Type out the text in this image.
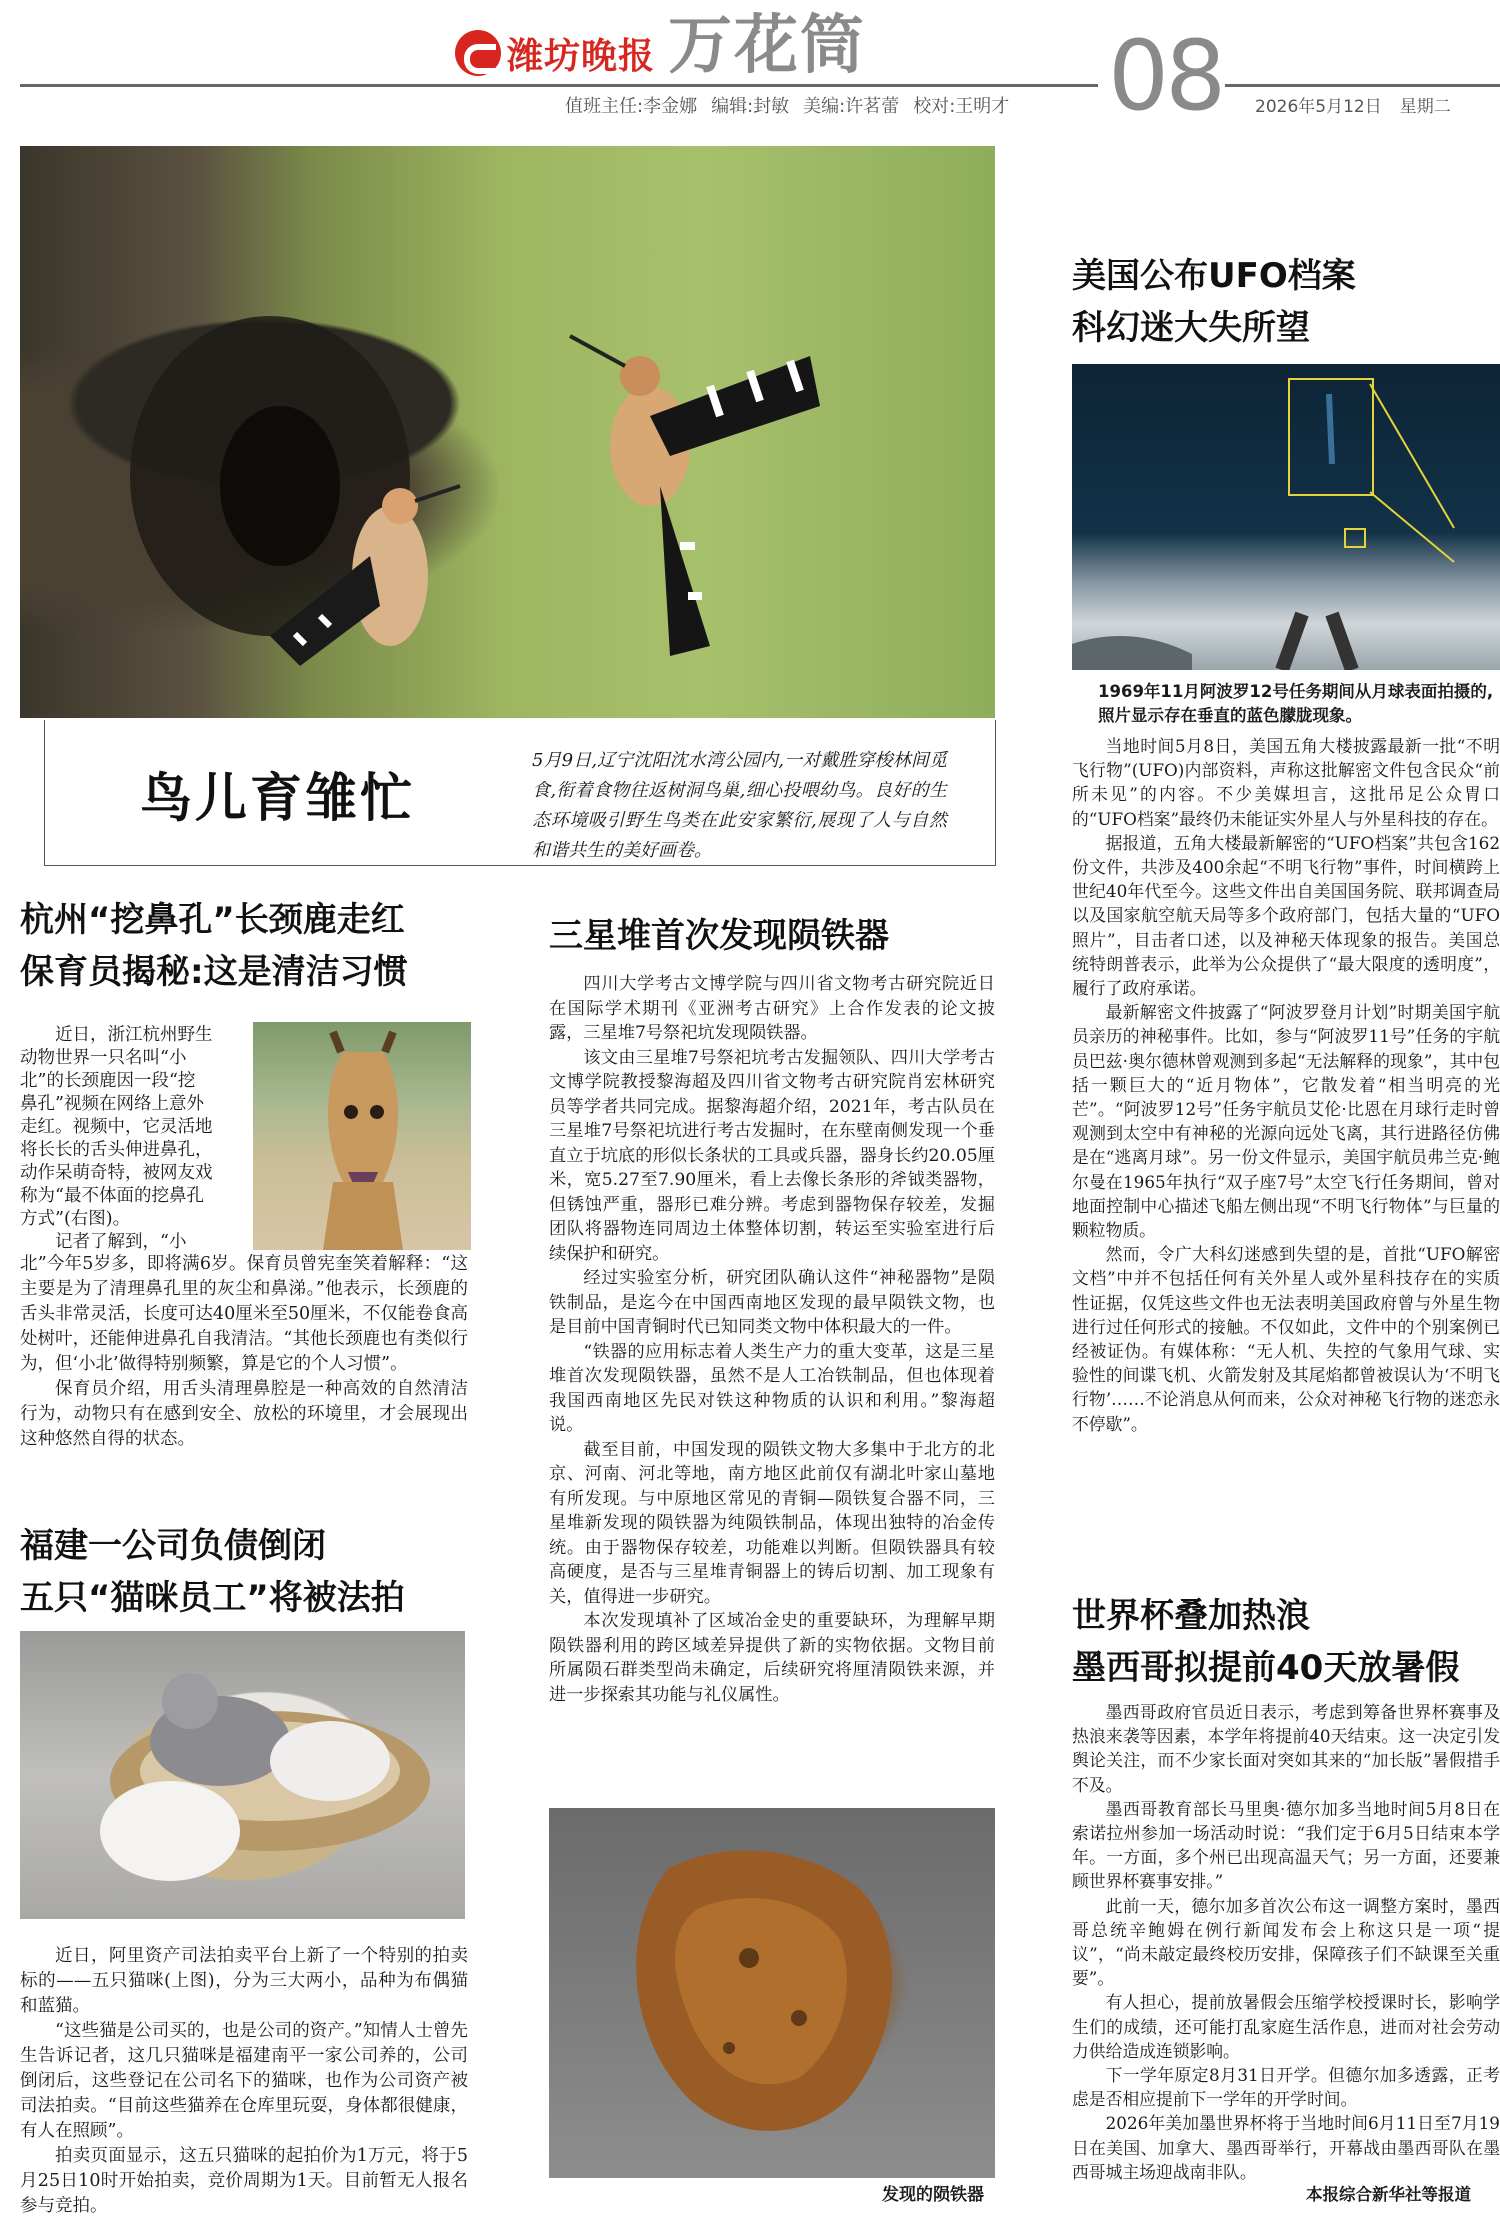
潍坊晚报 万花筒	08
值班主任:李金娜 编辑:封敏 美编:许茗蕾 校对:王明才	2026年5月12日 星期二
鸟儿育雏忙
5月9日,辽宁沈阳沈水湾公园内,一对戴胜穿梭林间觅食,衔着食物往返树洞鸟巢,细心投喂幼鸟。良好的生态环境吸引野生鸟类在此安家繁衍,展现了人与自然和谐共生的美好画卷。
杭州“挖鼻孔”长颈鹿走红
保育员揭秘:这是清洁习惯
近日，浙江杭州野生
动物世界一只名叫“小
北”的长颈鹿因一段“挖
鼻孔”视频在网络上意外
走红。视频中，它灵活地
将长长的舌头伸进鼻孔，
动作呆萌奇特，被网友戏
称为“最不体面的挖鼻孔
方式”(右图)。
记者了解到，“小

北”今年5岁多，即将满6岁。保育员曾宪奎笑着解释：“这主要是为了清理鼻孔里的灰尘和鼻涕。”他表示，长颈鹿的舌头非常灵活，长度可达40厘米至50厘米，不仅能卷食高处树叶，还能伸进鼻孔自我清洁。“其他长颈鹿也有类似行为，但‘小北’做得特别频繁，算是它的个人习惯”。

保育员介绍，用舌头清理鼻腔是一种高效的自然清洁行为，动物只有在感到安全、放松的环境里，才会展现出这种悠然自得的状态。

福建一公司负债倒闭
五只“猫咪员工”将被法拍

近日，阿里资产司法拍卖平台上新了一个特别的拍卖标的——五只猫咪(上图)，分为三大两小，品种为布偶猫和蓝猫。

“这些猫是公司买的，也是公司的资产。”知情人士曾先生告诉记者，这几只猫咪是福建南平一家公司养的，公司倒闭后，这些登记在公司名下的猫咪，也作为公司资产被司法拍卖。“目前这些猫养在仓库里玩耍，身体都很健康，有人在照顾”。

拍卖页面显示，这五只猫咪的起拍价为1万元，将于5月25日10时开始拍卖，竞价周期为1天。目前暂无人报名参与竞拍。

三星堆首次发现陨铁器

四川大学考古文博学院与四川省文物考古研究院近日在国际学术期刊《亚洲考古研究》上合作发表的论文披露，三星堆7号祭祀坑发现陨铁器。

该文由三星堆7号祭祀坑考古发掘领队、四川大学考古文博学院教授黎海超及四川省文物考古研究院肖宏林研究员等学者共同完成。据黎海超介绍，2021年，考古队员在三星堆7号祭祀坑进行考古发掘时，在东壁南侧发现一个垂直立于坑底的形似长条状的工具或兵器，器身长约20.05厘米，宽5.27至7.90厘米，看上去像长条形的斧钺类器物，但锈蚀严重，器形已难分辨。考虑到器物保存较差，发掘团队将器物连同周边土体整体切割，转运至实验室进行后续保护和研究。

经过实验室分析，研究团队确认这件“神秘器物”是陨铁制品，是迄今在中国西南地区发现的最早陨铁文物，也是目前中国青铜时代已知同类文物中体积最大的一件。

“铁器的应用标志着人类生产力的重大变革，这是三星堆首次发现陨铁器，虽然不是人工冶铁制品，但也体现着我国西南地区先民对铁这种物质的认识和利用。”黎海超说。

截至目前，中国发现的陨铁文物大多集中于北方的北京、河南、河北等地，南方地区此前仅有湖北叶家山墓地有所发现。与中原地区常见的青铜—陨铁复合器不同，三星堆新发现的陨铁器为纯陨铁制品，体现出独特的冶金传统。由于器物保存较差，功能难以判断。但陨铁器具有较高硬度，是否与三星堆青铜器上的铸后切割、加工现象有关，值得进一步研究。

本次发现填补了区域冶金史的重要缺环，为理解早期陨铁器利用的跨区域差异提供了新的实物依据。文物目前所属陨石群类型尚未确定，后续研究将厘清陨铁来源，并进一步探索其功能与礼仪属性。

发现的陨铁器
美国公布UFO档案
科幻迷大失所望
1969年11月阿波罗12号任务期间从月球表面拍摄的,照片显示存在垂直的蓝色朦胧现象。

当地时间5月8日，美国五角大楼披露最新一批“不明飞行物”(UFO)内部资料，声称这批解密文件包含民众“前所未见”的内容。不少美媒坦言，这批吊足公众胃口的“UFO档案”最终仍未能证实外星人与外星科技的存在。

据报道，五角大楼最新解密的“UFO档案”共包含162份文件，共涉及400余起“不明飞行物”事件，时间横跨上世纪40年代至今。这些文件出自美国国务院、联邦调查局以及国家航空航天局等多个政府部门，包括大量的“UFO照片”，目击者口述，以及神秘天体现象的报告。美国总统特朗普表示，此举为公众提供了“最大限度的透明度”，履行了政府承诺。

最新解密文件披露了“阿波罗登月计划”时期美国宇航员亲历的神秘事件。比如，参与“阿波罗11号”任务的宇航员巴兹·奥尔德林曾观测到多起“无法解释的现象”，其中包括一颗巨大的“近月物体”，它散发着“相当明亮的光芒”。“阿波罗12号”任务宇航员艾伦·比恩在月球行走时曾观测到太空中有神秘的光源向远处飞离，其行进路径仿佛是在“逃离月球”。另一份文件显示，美国宇航员弗兰克·鲍尔曼在1965年执行“双子座7号”太空飞行任务期间，曾对地面控制中心描述飞船左侧出现“不明飞行物体”与巨量的颗粒物质。

然而，令广大科幻迷感到失望的是，首批“UFO解密文档”中并不包括任何有关外星人或外星科技存在的实质性证据，仅凭这些文件也无法表明美国政府曾与外星生物进行过任何形式的接触。不仅如此，文件中的个别案例已经被证伪。有媒体称：“无人机、失控的气象用气球、实验性的间谍飞机、火箭发射及其尾焰都曾被误认为‘不明飞行物’……不论消息从何而来，公众对神秘飞行物的迷恋永不停歇”。

世界杯叠加热浪
墨西哥拟提前40天放暑假

墨西哥政府官员近日表示，考虑到筹备世界杯赛事及热浪来袭等因素，本学年将提前40天结束。这一决定引发舆论关注，而不少家长面对突如其来的“加长版”暑假措手不及。

墨西哥教育部长马里奥·德尔加多当地时间5月8日在索诺拉州参加一场活动时说：“我们定于6月5日结束本学年。一方面，多个州已出现高温天气；另一方面，还要兼顾世界杯赛事安排。”

此前一天，德尔加多首次公布这一调整方案时，墨西哥总统辛鲍姆在例行新闻发布会上称这只是一项“提议”，“尚未敲定最终校历安排，保障孩子们不缺课至关重要”。

有人担心，提前放暑假会压缩学校授课时长，影响学生们的成绩，还可能打乱家庭生活作息，进而对社会劳动力供给造成连锁影响。

下一学年原定8月31日开学。但德尔加多透露，正考虑是否相应提前下一学年的开学时间。

2026年美加墨世界杯将于当地时间6月11日至7月19日在美国、加拿大、墨西哥举行，开幕战由墨西哥队在墨西哥城主场迎战南非队。

本报综合新华社等报道
